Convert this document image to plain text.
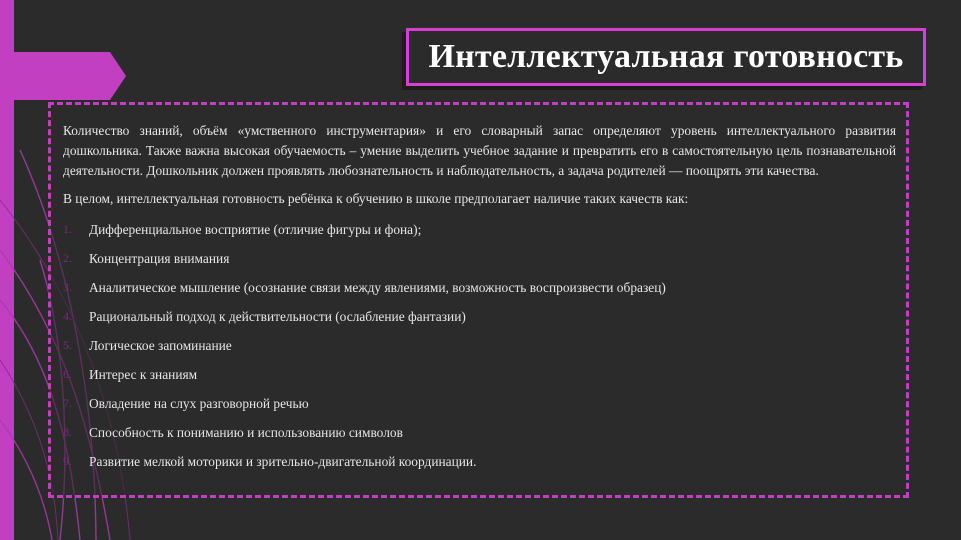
Интеллектуальная готовность

Количество знаний, объём «умственного инструментария» и его словарный запас определяют уровень интеллектуального развития дошкольника. Также важна высокая обучаемость – умение выделить учебное задание и превратить его в самостоятельную цель познавательной деятельности. Дошкольник должен проявлять любознательность и наблюдательность, а задача родителей — поощрять эти качества.

В целом, интеллектуальная готовность ребёнка к обучению в школе предполагает наличие таких качеств как:

1. Дифференциальное восприятие (отличие фигуры и фона);
2. Концентрация внимания
3. Аналитическое мышление (осознание связи между явлениями, возможность воспроизвести образец)
4. Рациональный подход к действительности (ослабление фантазии)
5. Логическое запоминание
6. Интерес к знаниям
7. Овладение на слух разговорной речью
8. Способность к пониманию и использованию символов
9. Развитие мелкой моторики и зрительно-двигательной координации.
